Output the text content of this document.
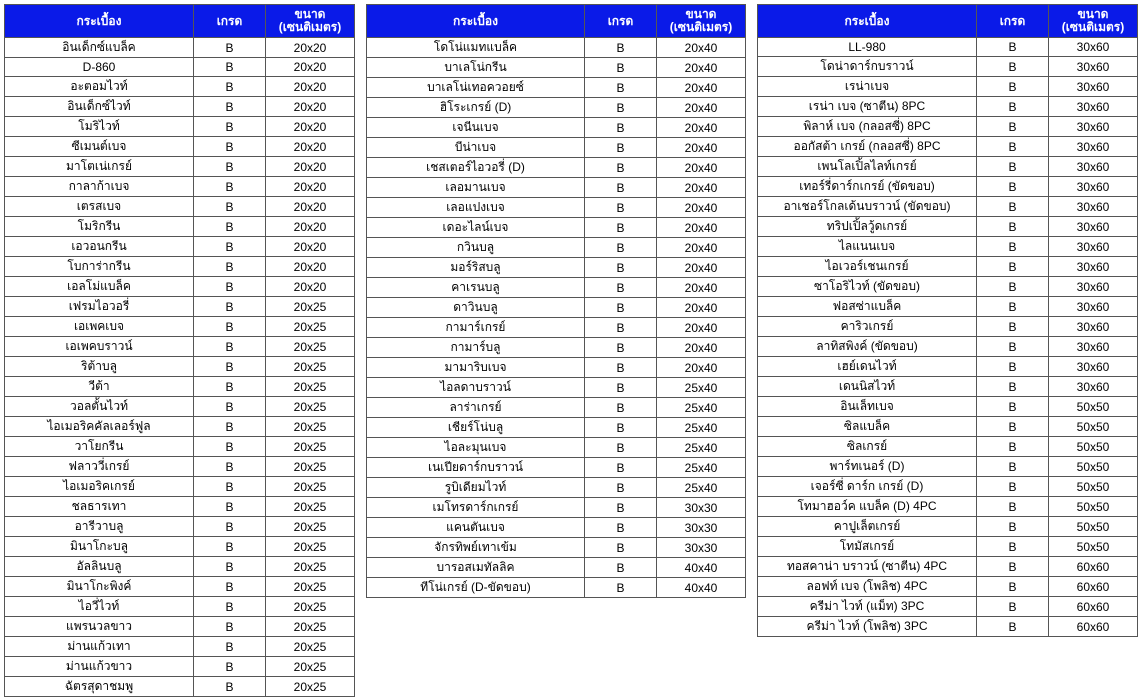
กระเบื้อง	เกรด	ขนาด
(เซนติเมตร)

อินเด็กซ์แบล็ค	B	20x20
D-860	B	20x20
อะตอมไวท์	B	20x20
อินเด็กซ์ไวท์	B	20x20
โมริไวท์	B	20x20
ซีเมนต์เบจ	B	20x20
มาโตเน่เกรย์	B	20x20
กาลาก้าเบจ	B	20x20
เตรสเบจ	B	20x20
โมริกรีน	B	20x20
เอวอนกรีน	B	20x20
โบการ่ากรีน	B	20x20
เอลโม่แบล็ค	B	20x20
เฟรมไอวอรี่	B	20x25
เอเพคเบจ	B	20x25
เอเพคบราวน์	B	20x25
ริต้าบลู	B	20x25
วีต้า	B	20x25
วอลตั้นไวท์	B	20x25
ไอเมอริคคัลเลอร์ฟูล	B	20x25
วาโยกรีน	B	20x25
ฟลาววี่เกรย์	B	20x25
ไอเมอริคเกรย์	B	20x25
ชลธารเทา	B	20x25
อารีวาบลู	B	20x25
มินาโกะบลู	B	20x25
อัลลินบลู	B	20x25
มินาโกะพิงค์	B	20x25
ไอวี่ไวท์	B	20x25
แพรนวลขาว	B	20x25
ม่านแก้วเทา	B	20x25
ม่านแก้วขาว	B	20x25
ฉัตรสุดาชมพู	B	20x25
กระเบื้อง	เกรด	ขนาด
(เซนติเมตร)

โดโน่แมทแบล็ค	B	20x40
บาเลโน่กรีน	B	20x40
บาเลโน่เทอควอยซ์	B	20x40
ฮิโระเกรย์ (D)	B	20x40
เจนีนเบจ	B	20x40
บีน่าเบจ	B	20x40
เชสเตอร์ไอวอรี่ (D)	B	20x40
เลอมานเบจ	B	20x40
เลอแปงเบจ	B	20x40
เดอะไลน์เบจ	B	20x40
กวินบลู	B	20x40
มอร์ริสบลู	B	20x40
คาเรนบลู	B	20x40
ดาวินบลู	B	20x40
กามาร์เกรย์	B	20x40
กามาร์บลู	B	20x40
มามาริบเบจ	B	20x40
ไอลดาบราวน์	B	25x40
ลาร่าเกรย์	B	25x40
เชียร์โน่บลู	B	25x40
ไอละมุนเบจ	B	25x40
เนเปียดาร์กบราวน์	B	25x40
รูบิเดียมไวท์	B	25x40
เมโทรดาร์กเกรย์	B	30x30
แคนตันเบจ	B	30x30
จักรทิพย์เทาเข้ม	B	30x30
บารอสเมทัลลิค	B	40x40
ทีโน่เกรย์ (D-ขัดขอบ)	B	40x40
กระเบื้อง	เกรด	ขนาด
(เซนติเมตร)

LL-980	B	30x60
โดน่าดาร์กบราวน์	B	30x60
เรน่าเบจ	B	30x60
เรน่า เบจ (ซาตีน) 8PC	B	30x60
พิลาห์ เบจ (กลอสซี่) 8PC	B	30x60
ออกัสต้า เกรย์ (กลอสซี่) 8PC	B	30x60
เพนโลเปิ้ลไลท์เกรย์	B	30x60
เทอร์รี่ดาร์กเกรย์ (ขัดขอบ)	B	30x60
อาเชอร์โกลเด้นบราวน์ (ขัดขอบ)	B	30x60
ทริปเปิ้ลวู้ดเกรย์	B	30x60
ไลแนนเบจ	B	30x60
ไอเวอร์เชนเกรย์	B	30x60
ซาโอริไวท์ (ขัดขอบ)	B	30x60
ฟอสซ่าแบล็ค	B	30x60
คาริวเกรย์	B	30x60
ลาทิสพิงค์ (ขัดขอบ)	B	30x60
เฮย์เดนไวท์	B	30x60
เดนนิสไวท์	B	30x60
อินเล็ทเบจ	B	50x50
ซิลแบล็ค	B	50x50
ซิลเกรย์	B	50x50
พาร์ทเนอร์ (D)	B	50x50
เจอร์ซี่ ดาร์ก เกรย์ (D)	B	50x50
โทมาฮอว์ค แบล็ค (D) 4PC	B	50x50
คาปูเล็ตเกรย์	B	50x50
โทมัสเกรย์	B	50x50
ทอสคาน่า บราวน์ (ซาตีน) 4PC	B	60x60
ลอฟท์ เบจ (โพลิช) 4PC	B	60x60
ครีม่า ไวท์ (แม็ท) 3PC	B	60x60
ครีม่า ไวท์ (โพลิช) 3PC	B	60x60
